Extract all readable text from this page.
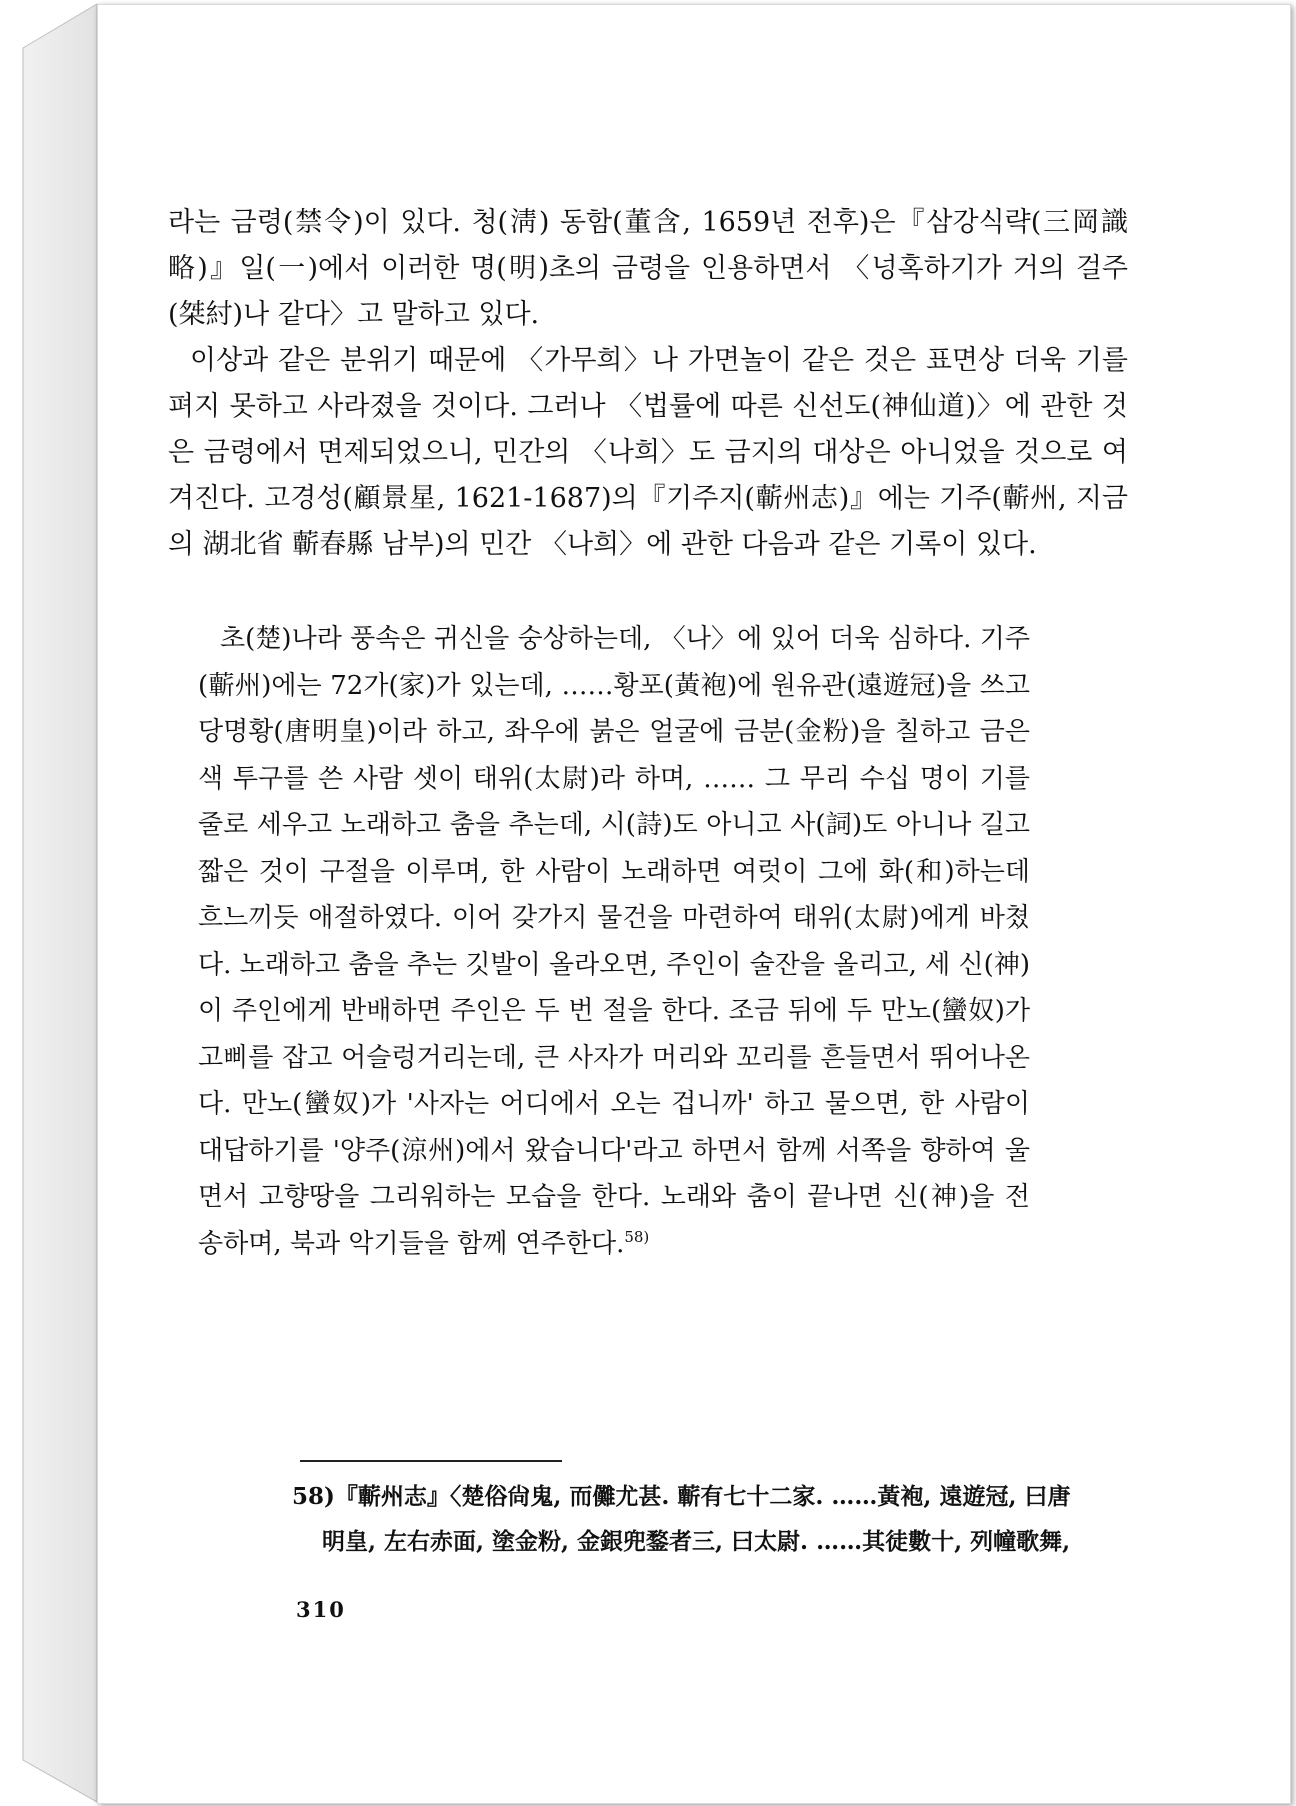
라는 금령(禁令)이 있다. 청(淸) 동함(董含, 1659년 전후)은『삼강식략(三岡識略)』일(一)에서 이러한 명(明)초의 금령을 인용하면서 〈넝혹하기가 거의 걸주(桀紂)나 같다〉고 말하고 있다.

이상과 같은 분위기 때문에 〈가무희〉나 가면놀이 같은 것은 표면상 더욱 기를 펴지 못하고 사라졌을 것이다. 그러나 〈법률에 따른 신선도(神仙道)〉에 관한 것은 금령에서 면제되었으니, 민간의 〈나희〉도 금지의 대상은 아니었을 것으로 여겨진다. 고경성(顧景星, 1621-1687)의『기주지(蘄州志)』에는 기주(蘄州, 지금의 湖北省 蘄春縣 남부)의 민간 〈나희〉에 관한 다음과 같은 기록이 있다.

초(楚)나라 풍속은 귀신을 숭상하는데, 〈나〉에 있어 더욱 심하다. 기주(蘄州)에는 72가(家)가 있는데, ……황포(黃袍)에 원유관(遠遊冠)을 쓰고 당명황(唐明皇)이라 하고, 좌우에 붉은 얼굴에 금분(金粉)을 칠하고 금은색 투구를 쓴 사람 셋이 태위(太尉)라 하며, …… 그 무리 수십 명이 기를 줄로 세우고 노래하고 춤을 추는데, 시(詩)도 아니고 사(詞)도 아니나 길고 짧은 것이 구절을 이루며, 한 사람이 노래하면 여럿이 그에 화(和)하는데 흐느끼듯 애절하였다. 이어 갖가지 물건을 마련하여 태위(太尉)에게 바쳤다. 노래하고 춤을 추는 깃발이 올라오면, 주인이 술잔을 올리고, 세 신(神)이 주인에게 반배하면 주인은 두 번 절을 한다. 조금 뒤에 두 만노(蠻奴)가 고삐를 잡고 어슬렁거리는데, 큰 사자가 머리와 꼬리를 흔들면서 뛰어나온다. 만노(蠻奴)가 '사자는 어디에서 오는 겁니까' 하고 물으면, 한 사람이 대답하기를 '양주(涼州)에서 왔습니다'라고 하면서 함께 서쪽을 향하여 울면서 고향땅을 그리워하는 모습을 한다. 노래와 춤이 끝나면 신(神)을 전송하며, 북과 악기들을 함께 연주한다.$^{58)}$

58)『蘄州志』〈楚俗尙鬼, 而儺尤甚. 蘄有七十二家. ……黃袍, 遠遊冠, 曰唐
明皇, 左右赤面, 塗金粉, 金銀兜鍪者三, 曰太尉. ……其徒數十, 列幢歌舞,
310
